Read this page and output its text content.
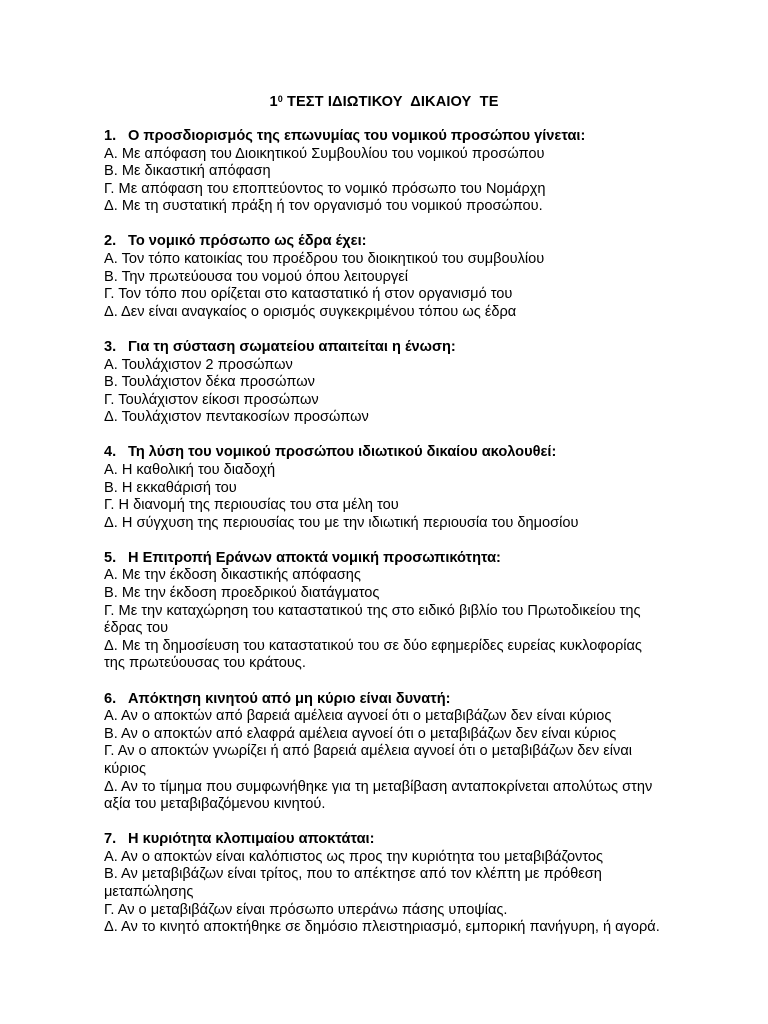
$1^0$ ΤΕΣΤ ΙΔΙΩΤΙΚΟΥ  ΔΙΚΑΙΟΥ  ΤΕ
1. Ο προσδιορισμός της επωνυμίας του νομικού προσώπου γίνεται:
Α. Με απόφαση του Διοικητικού Συμβουλίου του νομικού προσώπου
Β. Με δικαστική απόφαση
Γ. Με απόφαση του εποπτεύοντος το νομικό πρόσωπο του Νομάρχη
Δ. Με τη συστατική πράξη ή τον οργανισμό του νομικού προσώπου.
2. Το νομικό πρόσωπο ως έδρα έχει:
Α. Τον τόπο κατοικίας του προέδρου του διοικητικού του συμβουλίου
Β. Την πρωτεύουσα του νομού όπου λειτουργεί
Γ. Τον τόπο που ορίζεται στο καταστατικό ή στον οργανισμό του
Δ. Δεν είναι αναγκαίος ο ορισμός συγκεκριμένου τόπου ως έδρα
3. Για τη σύσταση σωματείου απαιτείται η ένωση:
Α. Τουλάχιστον 2 προσώπων
Β. Τουλάχιστον δέκα προσώπων
Γ. Τουλάχιστον είκοσι προσώπων
Δ. Τουλάχιστον πεντακοσίων προσώπων
4. Τη λύση του νομικού προσώπου ιδιωτικού δικαίου ακολουθεί:
Α. Η καθολική του διαδοχή
Β. Η εκκαθάρισή του
Γ. Η διανομή της περιουσίας του στα μέλη του
Δ. Η σύγχυση της περιουσίας του με την ιδιωτική περιουσία του δημοσίου
5. Η Επιτροπή Εράνων αποκτά νομική προσωπικότητα:
Α. Με την έκδοση δικαστικής απόφασης
Β. Με την έκδοση προεδρικού διατάγματος
Γ. Με την καταχώρηση του καταστατικού της στο ειδικό βιβλίο του Πρωτοδικείου της έδρας του
Δ. Με τη δημοσίευση του καταστατικού του σε δύο εφημερίδες ευρείας κυκλοφορίας της πρωτεύουσας του κράτους.
6. Απόκτηση κινητού από μη κύριο είναι δυνατή:
Α. Αν ο αποκτών από βαρειά αμέλεια αγνοεί ότι ο μεταβιβάζων δεν είναι κύριος
Β. Αν ο αποκτών από ελαφρά αμέλεια αγνοεί ότι ο μεταβιβάζων δεν είναι κύριος
Γ. Αν ο αποκτών γνωρίζει ή από βαρειά αμέλεια αγνοεί ότι ο μεταβιβάζων δεν είναι κύριος
Δ. Αν το τίμημα που συμφωνήθηκε για τη μεταβίβαση ανταποκρίνεται απολύτως στην αξία του μεταβιβαζόμενου κινητού.
7. Η κυριότητα κλοπιμαίου αποκτάται:
Α. Αν ο αποκτών είναι καλόπιστος ως προς την κυριότητα του μεταβιβάζοντος
Β. Αν μεταβιβάζων είναι τρίτος, που το απέκτησε από τον κλέπτη με πρόθεση μεταπώλησης
Γ. Αν ο μεταβιβάζων είναι πρόσωπο υπεράνω πάσης υποψίας.
Δ. Αν το κινητό αποκτήθηκε σε δημόσιο πλειστηριασμό, εμπορική πανήγυρη, ή αγορά.
